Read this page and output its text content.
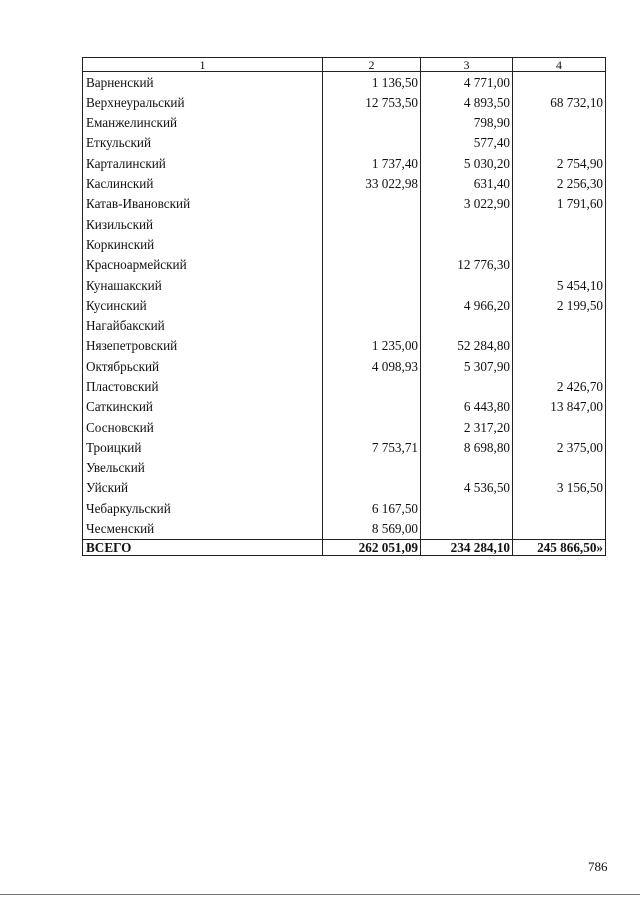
1	2	3	4
Варненский	1 136,50	4 771,00	
Верхнеуральский	12 753,50	4 893,50	68 732,10
Еманжелинский		798,90	
Еткульский		577,40	
Карталинский	1 737,40	5 030,20	2 754,90
Каслинский	33 022,98	631,40	2 256,30
Катав-Ивановский		3 022,90	1 791,60
Кизильский			
Коркинский			
Красноармейский		12 776,30	
Кунашакский			5 454,10
Кусинский		4 966,20	2 199,50
Нагайбакский			
Нязепетровский	1 235,00	52 284,80	
Октябрьский	4 098,93	5 307,90	
Пластовский			2 426,70
Саткинский		6 443,80	13 847,00
Сосновский		2 317,20	
Троицкий	7 753,71	8 698,80	2 375,00
Увельский			
Уйский		4 536,50	3 156,50
Чебаркульский	6 167,50		
Чесменский	8 569,00		
ВСЕГО	262 051,09	234 284,10	245 866,50»
786
